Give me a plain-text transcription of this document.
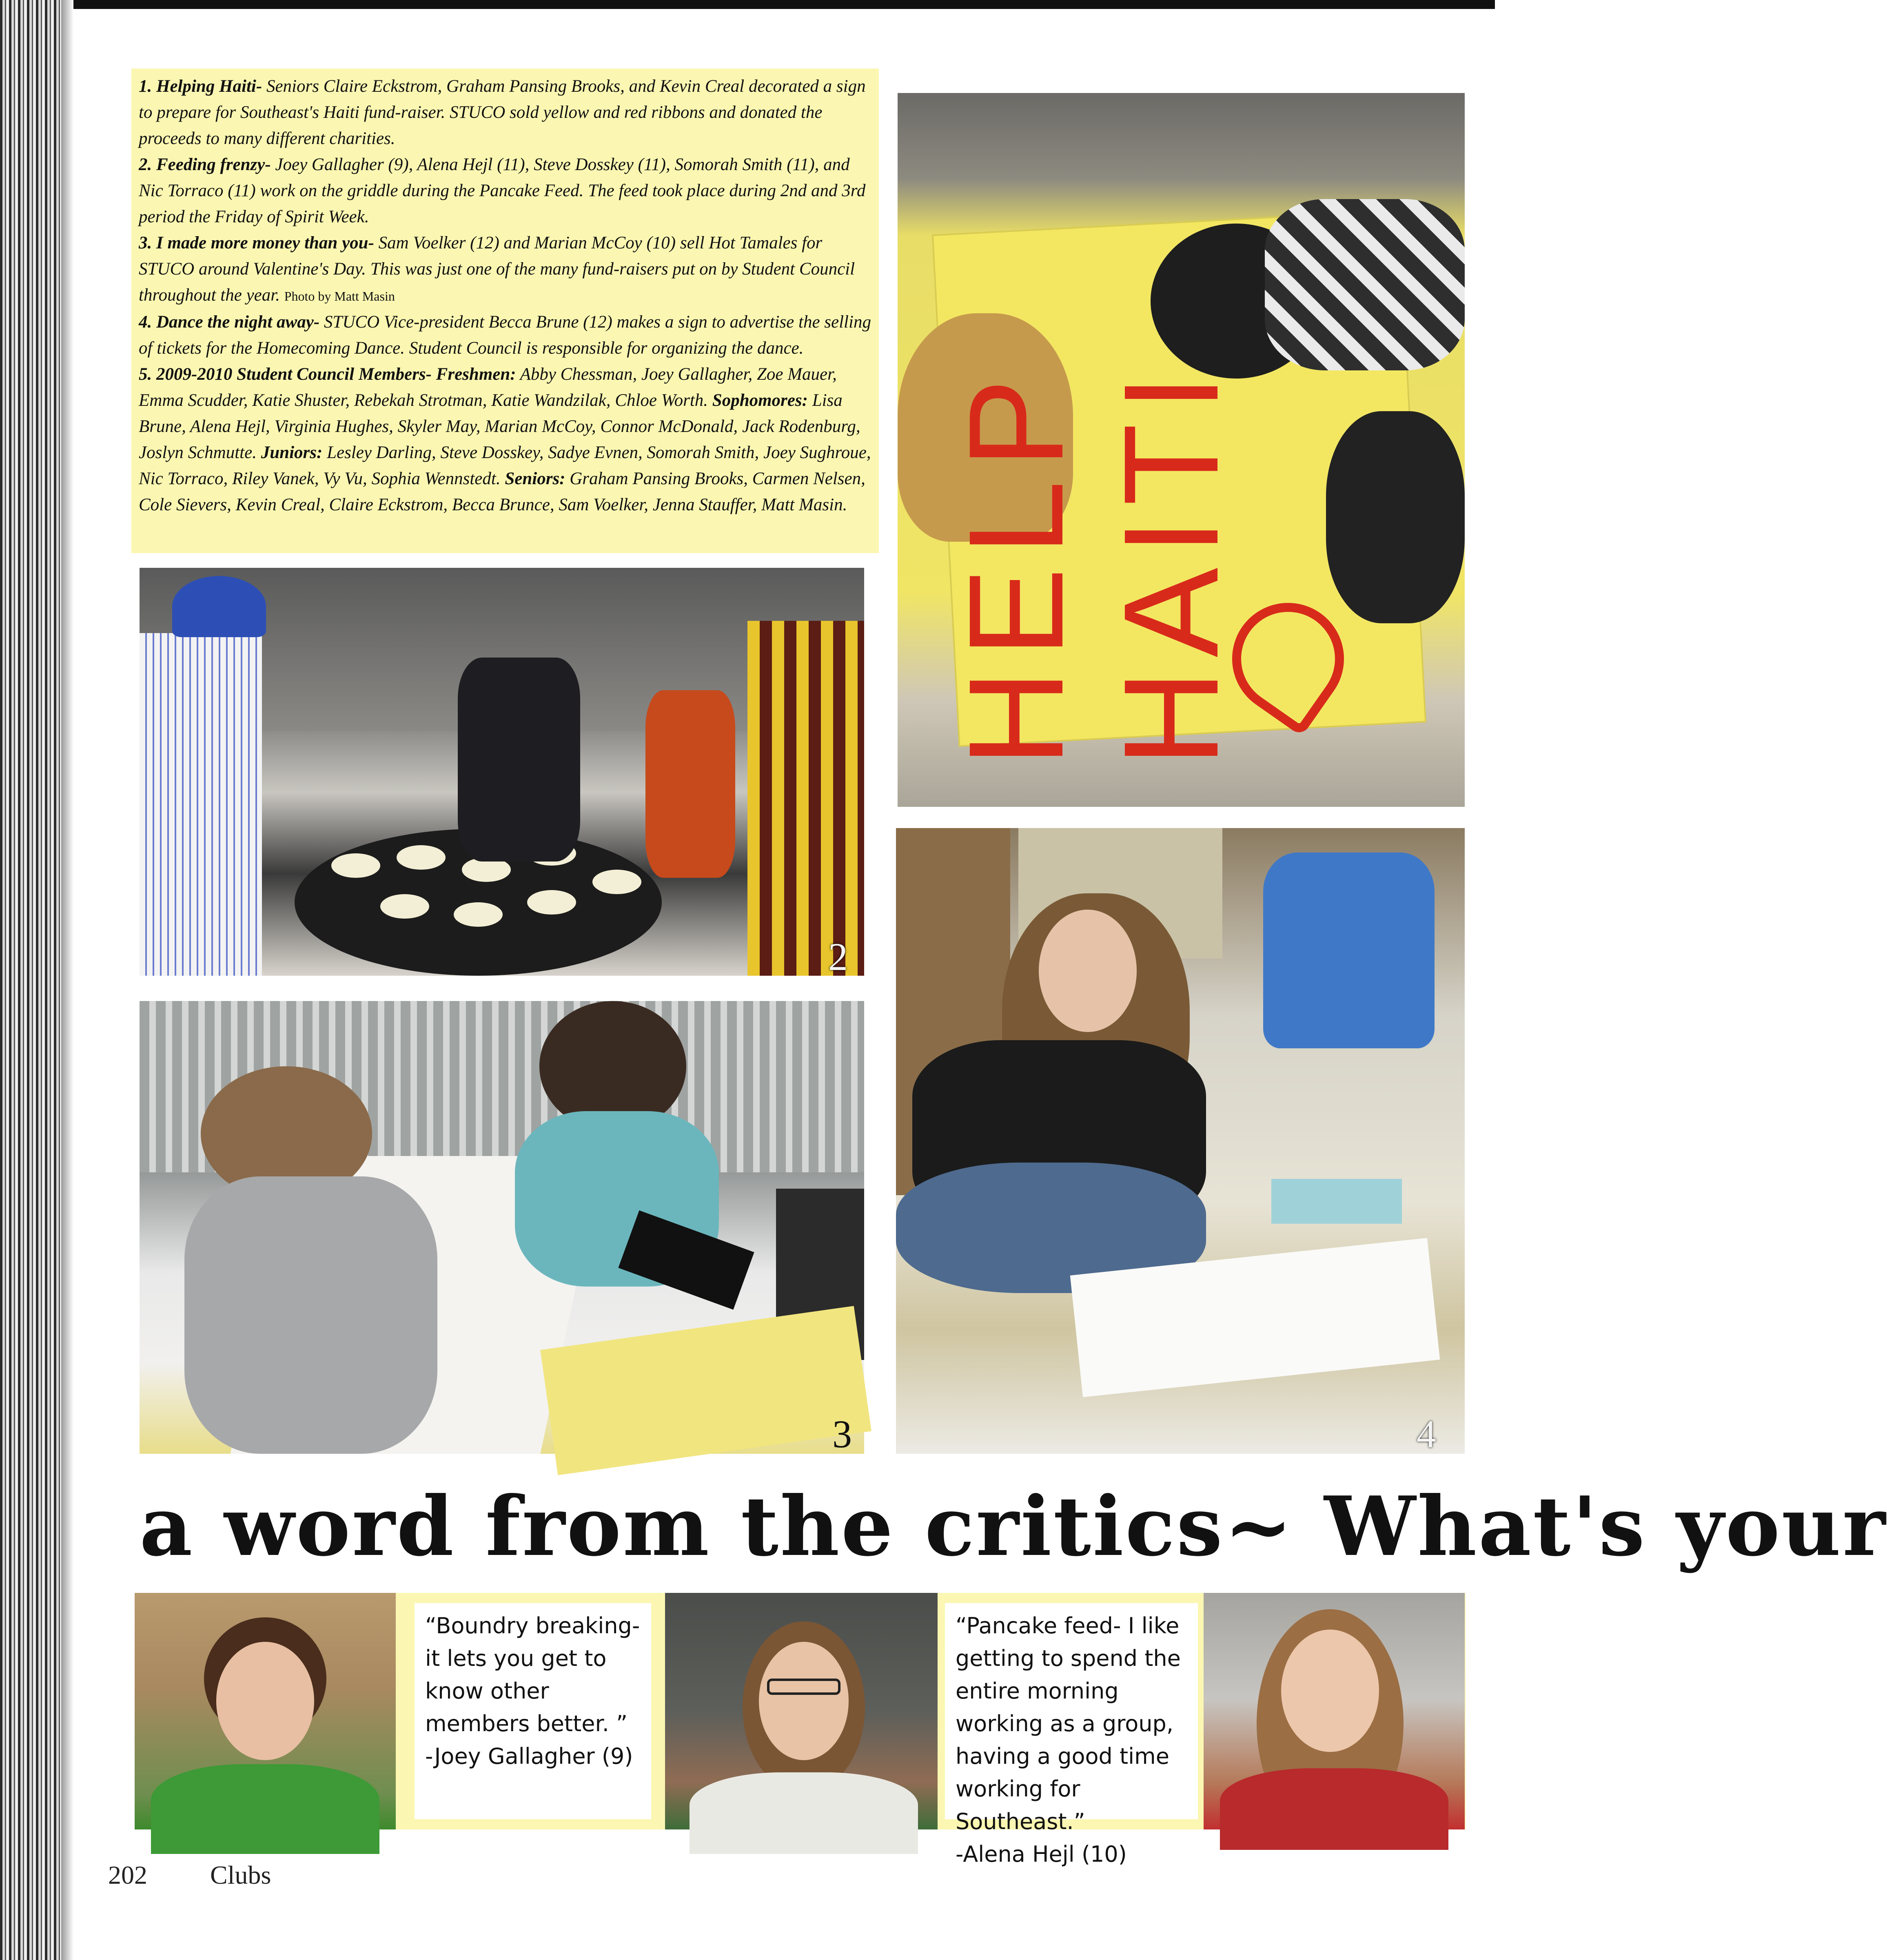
1. Helping Haiti- Seniors Claire Eckstrom, Graham Pansing Brooks, and Kevin Creal decorated a sign to prepare for Southeast's Haiti fund-raiser. STUCO sold yellow and red ribbons and donated the proceeds to many different charities.

2. Feeding frenzy- Joey Gallagher (9), Alena Hejl (11), Steve Dosskey (11), Somorah Smith (11), and Nic Torraco (11) work on the griddle during the Pancake Feed. The feed took place during 2nd and 3rd period the Friday of Spirit Week.

3. I made more money than you- Sam Voelker (12) and Marian McCoy (10) sell Hot Tamales for STUCO around Valentine's Day. This was just one of the many fund-raisers put on by Student Council throughout the year. Photo by Matt Masin

4. Dance the night away- STUCO Vice-president Becca Brune (12) makes a sign to advertise the selling of tickets for the Homecoming Dance. Student Council is responsible for organizing the dance.

5. 2009-2010 Student Council Members- Freshmen: Abby Chessman, Joey Gallagher, Zoe Mauer, Emma Scudder, Katie Shuster, Rebekah Strotman, Katie Wandzilak, Chloe Worth. Sophomores: Lisa Brune, Alena Hejl, Virginia Hughes, Skyler May, Marian McCoy, Connor McDonald, Jack Rodenburg, Joslyn Schmutte. Juniors: Lesley Darling, Steve Dosskey, Sadye Evnen, Somorah Smith, Joey Sughroue, Nic Torraco, Riley Vanek, Vy Vu, Sophia Wennstedt. Seniors: Graham Pansing Brooks, Carmen Nelsen, Cole Sievers, Kevin Creal, Claire Eckstrom, Becca Brunce, Sam Voelker, Jenna Stauffer, Matt Masin. HELP HAITI
2
3	4
a word from the critics~ What's your
“Boundry breaking- it lets you get to know other members better. ”
-Joey Gallagher (9)
“Pancake feed- I like getting to spend the entire morning working as a group, having a good time working for Southeast.”
-Alena Hejl (10)
202 Clubs
